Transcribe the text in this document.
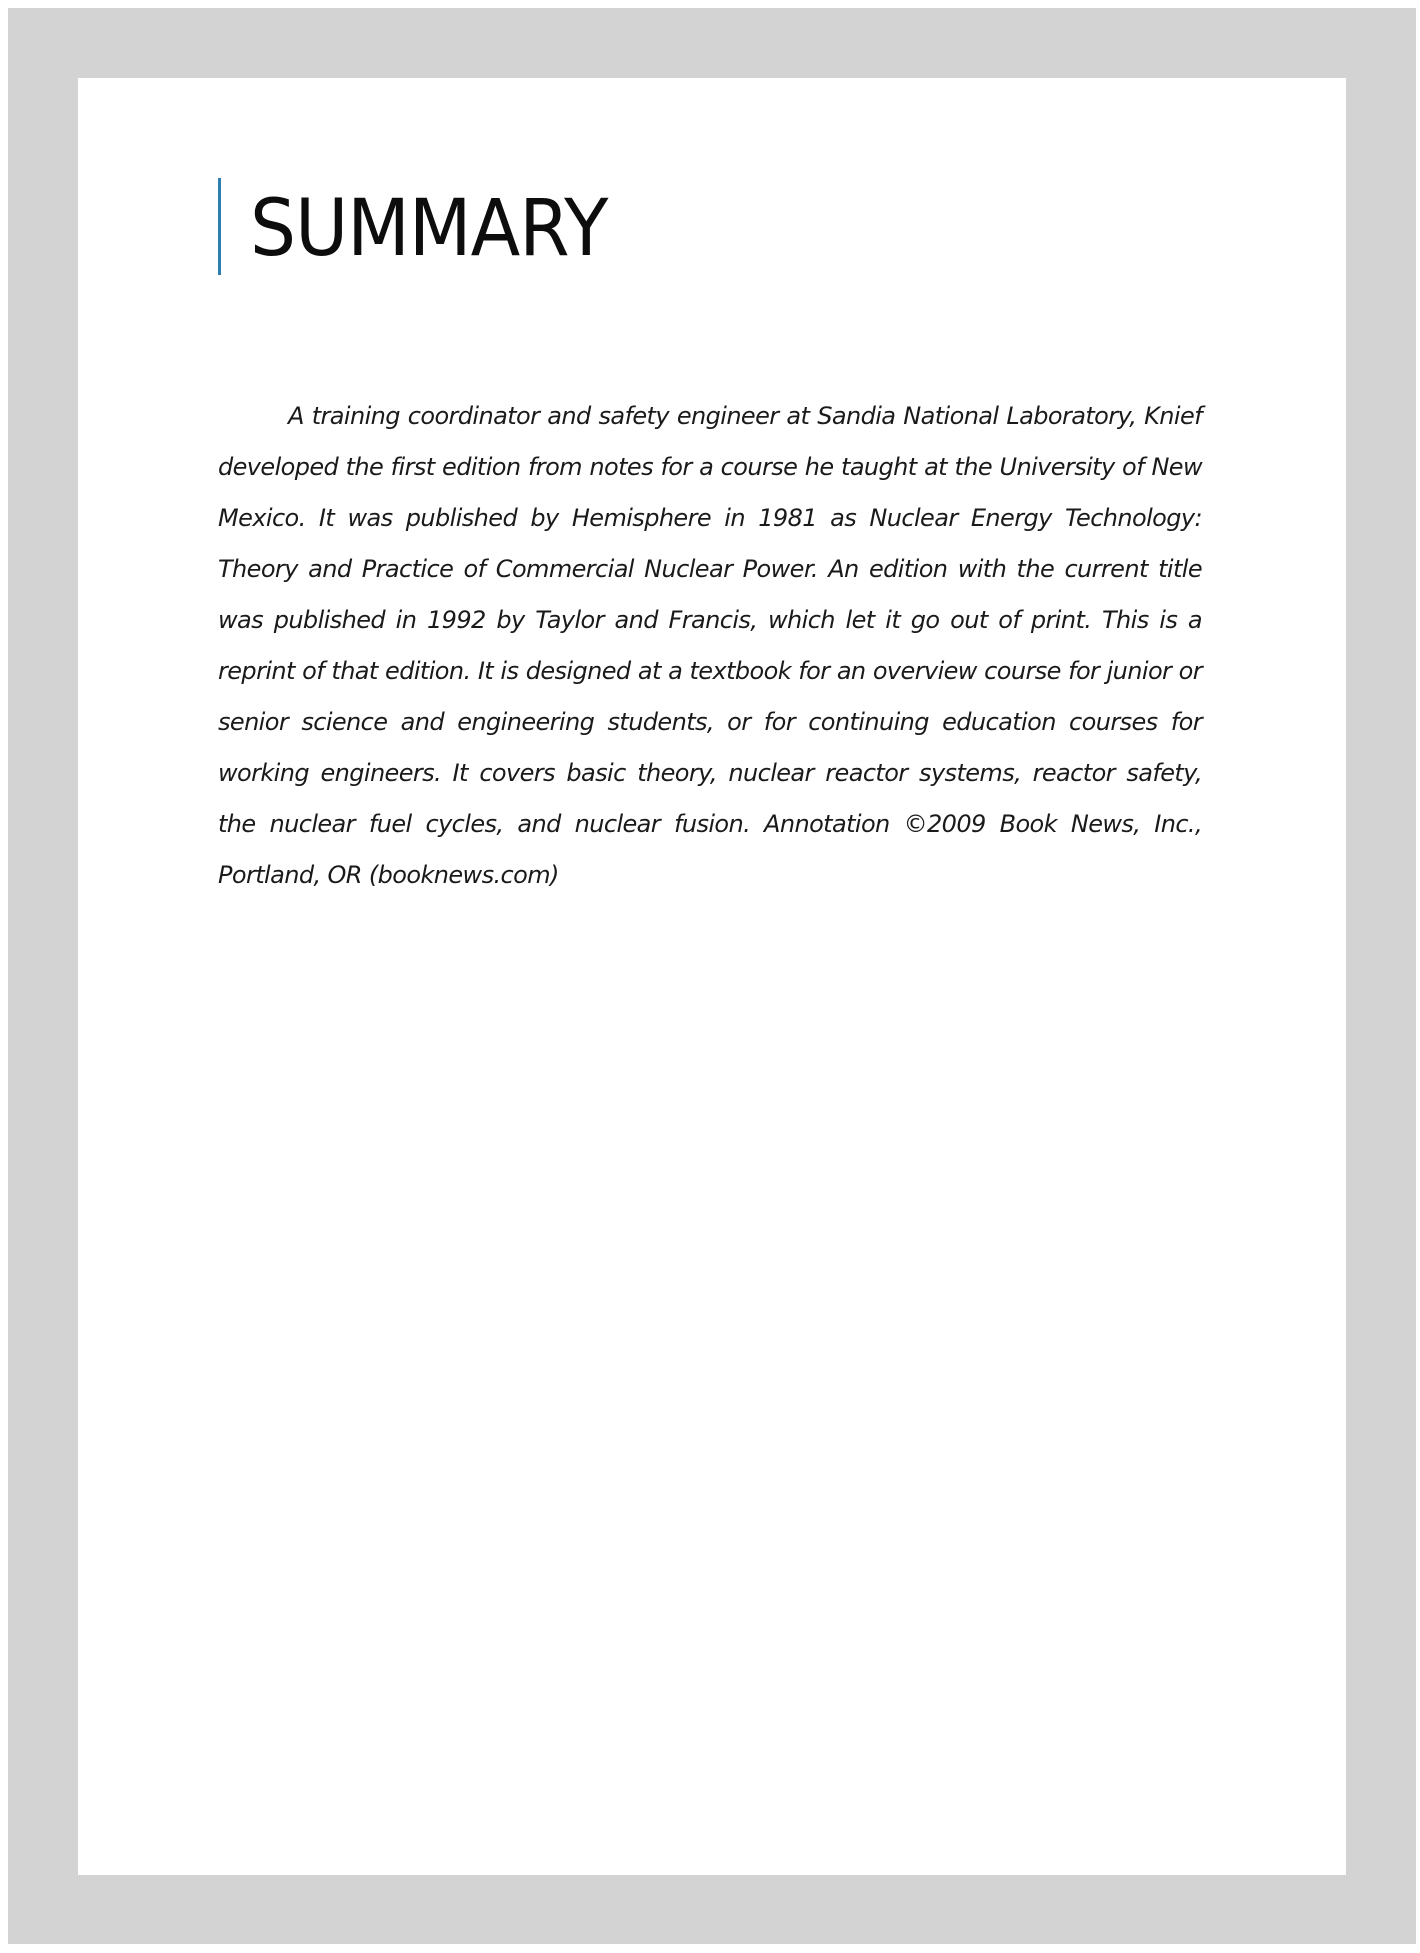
SUMMARY

A training coordinator and safety engineer at Sandia National Laboratory, Knief developed the first edition from notes for a course he taught at the University of New Mexico. It was published by Hemisphere in 1981 as Nuclear Energy Technology: Theory and Practice of Commercial Nuclear Power. An edition with the current title was published in 1992 by Taylor and Francis, which let it go out of print. This is a reprint of that edition. It is designed at a textbook for an overview course for junior or senior science and engineering students, or for continuing education courses for working engineers. It covers basic theory, nuclear reactor systems, reactor safety, the nuclear fuel cycles, and nuclear fusion. Annotation ©2009 Book News, Inc., Portland, OR (booknews.com)
